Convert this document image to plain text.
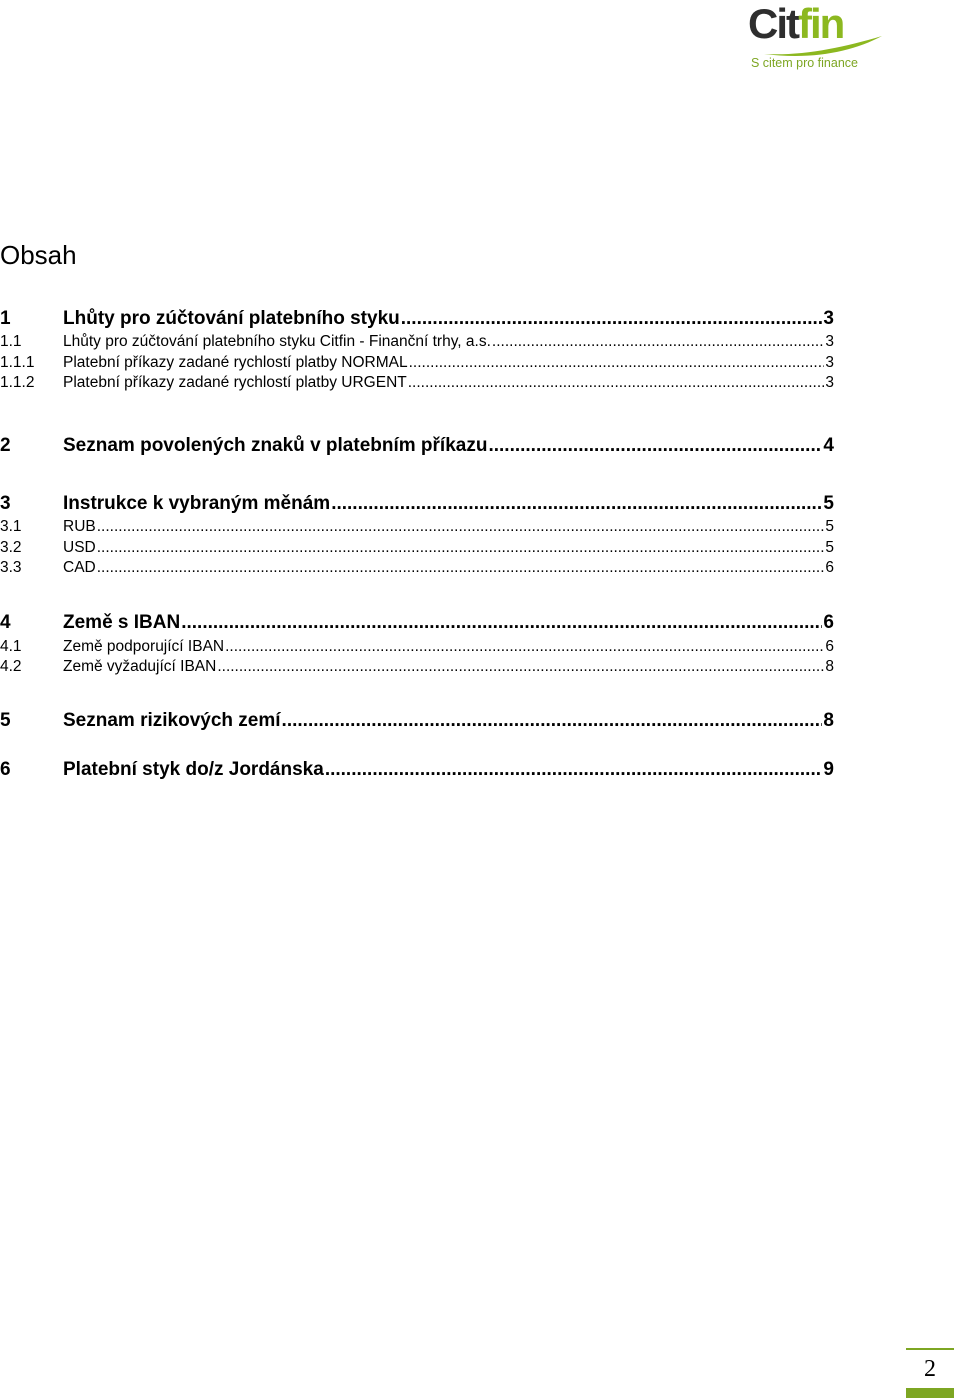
Citfin
S citem pro finance
Obsah
1	Lhůty pro zúčtování platebního styku .....	3
1.1	Lhůty pro zúčtování platebního styku Citfin - Finanční trhy, a.s. .....	3
1.1.1	Platební příkazy zadané rychlostí platby NORMAL .....	3
1.1.2	Platební příkazy zadané rychlostí platby URGENT .....	3
2	Seznam povolených znaků v platebním příkazu .....	4
3	Instrukce k vybraným měnám .....	5
3.1	RUB .....	5
3.2	USD .....	5
3.3	CAD .....	6
4	Země s IBAN .....	6
4.1	Země podporující IBAN .....	6
4.2	Země vyžadující IBAN .....	8
5	Seznam rizikových zemí .....	8
6	Platební styk do/z Jordánska .....	9
2
